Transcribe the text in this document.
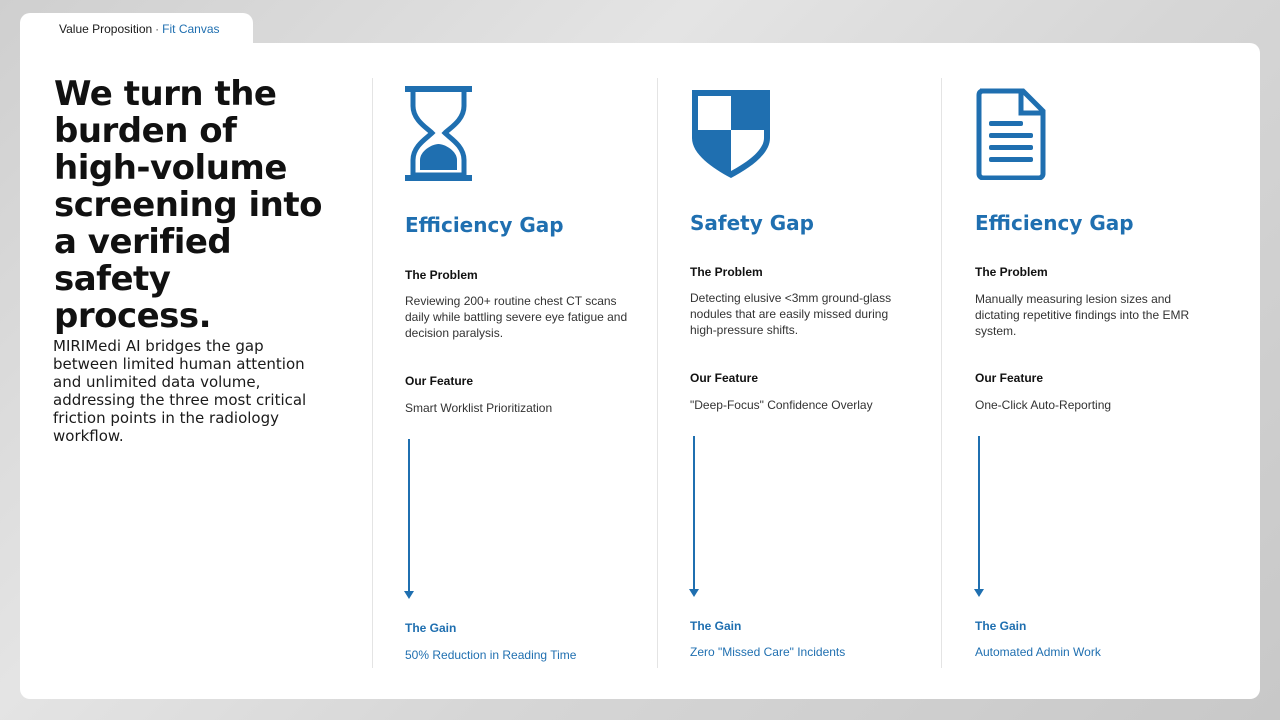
Value Proposition · Fit Canvas
We turn the burden of high-volume screening into a verified safety process.
MIRIMedi AI bridges the gap between limited human attention and unlimited data volume, addressing the three most critical friction points in the radiology workflow.
Efficiency Gap
The Problem
Reviewing 200+ routine chest CT scans daily while battling severe eye fatigue and decision paralysis.
Our Feature
Smart Worklist Prioritization
The Gain
50% Reduction in Reading Time
Safety Gap
The Problem
Detecting elusive <3mm ground-glass nodules that are easily missed during high-pressure shifts.
Our Feature
"Deep-Focus" Confidence Overlay
The Gain
Zero "Missed Care" Incidents
Efficiency Gap
The Problem
Manually measuring lesion sizes and dictating repetitive findings into the EMR system.
Our Feature
One-Click Auto-Reporting
The Gain
Automated Admin Work
